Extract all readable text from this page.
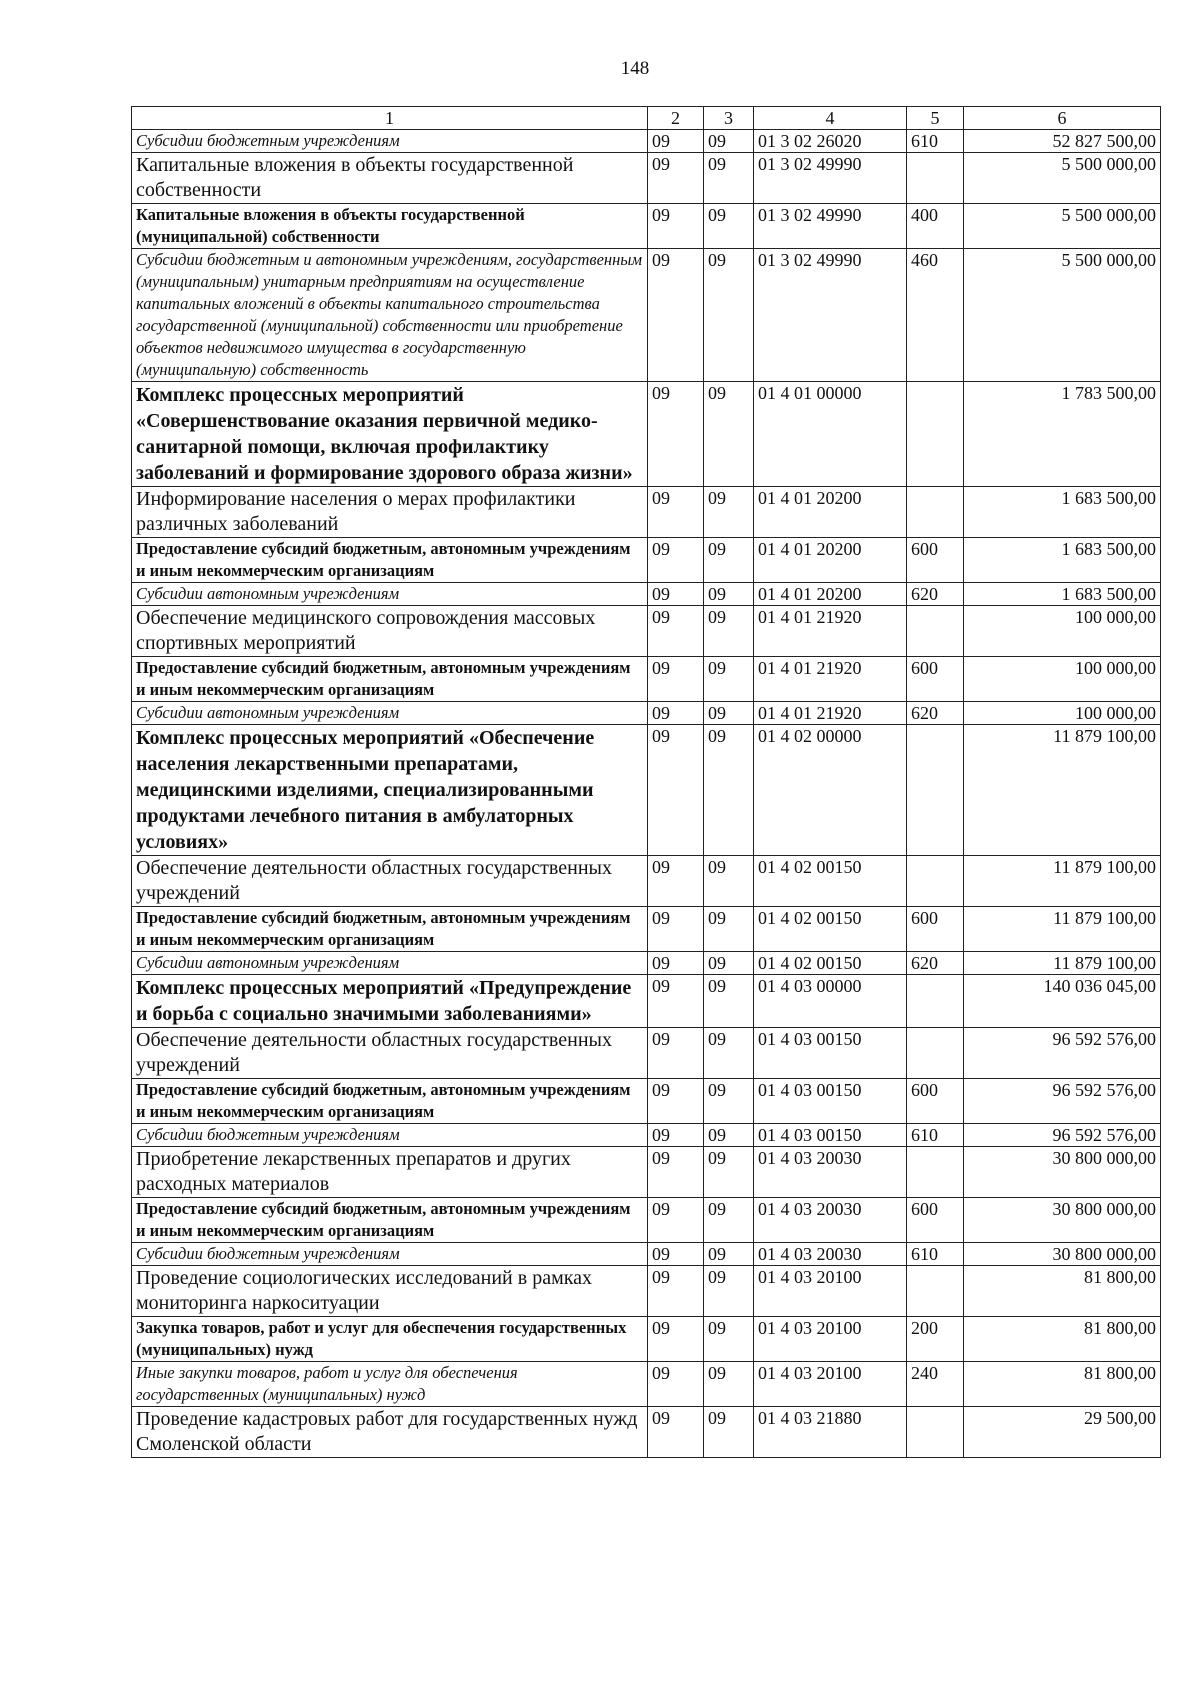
148
1	2	3	4	5	6
Субсидии бюджетным учреждениям	09	09	01 3 02 26020	610	52 827 500,00
Капитальные вложения в объекты государственной собственности	09	09	01 3 02 49990		5 500 000,00
Капитальные вложения в объекты государственной (муниципальной) собственности	09	09	01 3 02 49990	400	5 500 000,00
Субсидии бюджетным и автономным учреждениям, государственным (муниципальным) унитарным предприятиям на осуществление капитальных вложений в объекты капитального строительства государственной (муниципальной) собственности или приобретение объектов недвижимого имущества в государственную (муниципальную) собственность	09	09	01 3 02 49990	460	5 500 000,00
Комплекс процессных мероприятий «Совершенствование оказания первичной медико-санитарной помощи, включая профилактику заболеваний и формирование здорового образа жизни»	09	09	01 4 01 00000		1 783 500,00
Информирование населения о мерах профилактики различных заболеваний	09	09	01 4 01 20200		1 683 500,00
Предоставление субсидий бюджетным, автономным учреждениям и иным некоммерческим организациям	09	09	01 4 01 20200	600	1 683 500,00
Субсидии автономным учреждениям	09	09	01 4 01 20200	620	1 683 500,00
Обеспечение медицинского сопровождения массовых спортивных мероприятий	09	09	01 4 01 21920		100 000,00
Предоставление субсидий бюджетным, автономным учреждениям и иным некоммерческим организациям	09	09	01 4 01 21920	600	100 000,00
Субсидии автономным учреждениям	09	09	01 4 01 21920	620	100 000,00
Комплекс процессных мероприятий «Обеспечение населения лекарственными препаратами, медицинскими изделиями, специализированными продуктами лечебного питания в амбулаторных условиях»	09	09	01 4 02 00000		11 879 100,00
Обеспечение деятельности областных государственных учреждений	09	09	01 4 02 00150		11 879 100,00
Предоставление субсидий бюджетным, автономным учреждениям и иным некоммерческим организациям	09	09	01 4 02 00150	600	11 879 100,00
Субсидии автономным учреждениям	09	09	01 4 02 00150	620	11 879 100,00
Комплекс процессных мероприятий «Предупреждение и борьба с социально значимыми заболеваниями»	09	09	01 4 03 00000		140 036 045,00
Обеспечение деятельности областных государственных учреждений	09	09	01 4 03 00150		96 592 576,00
Предоставление субсидий бюджетным, автономным учреждениям и иным некоммерческим организациям	09	09	01 4 03 00150	600	96 592 576,00
Субсидии бюджетным учреждениям	09	09	01 4 03 00150	610	96 592 576,00
Приобретение лекарственных препаратов и других расходных материалов	09	09	01 4 03 20030		30 800 000,00
Предоставление субсидий бюджетным, автономным учреждениям и иным некоммерческим организациям	09	09	01 4 03 20030	600	30 800 000,00
Субсидии бюджетным учреждениям	09	09	01 4 03 20030	610	30 800 000,00
Проведение социологических исследований в рамках мониторинга наркоситуации	09	09	01 4 03 20100		81 800,00
Закупка товаров, работ и услуг для обеспечения государственных (муниципальных) нужд	09	09	01 4 03 20100	200	81 800,00
Иные закупки товаров, работ и услуг для обеспечения государственных (муниципальных) нужд	09	09	01 4 03 20100	240	81 800,00
Проведение кадастровых работ для государственных нужд Смоленской области	09	09	01 4 03 21880		29 500,00
